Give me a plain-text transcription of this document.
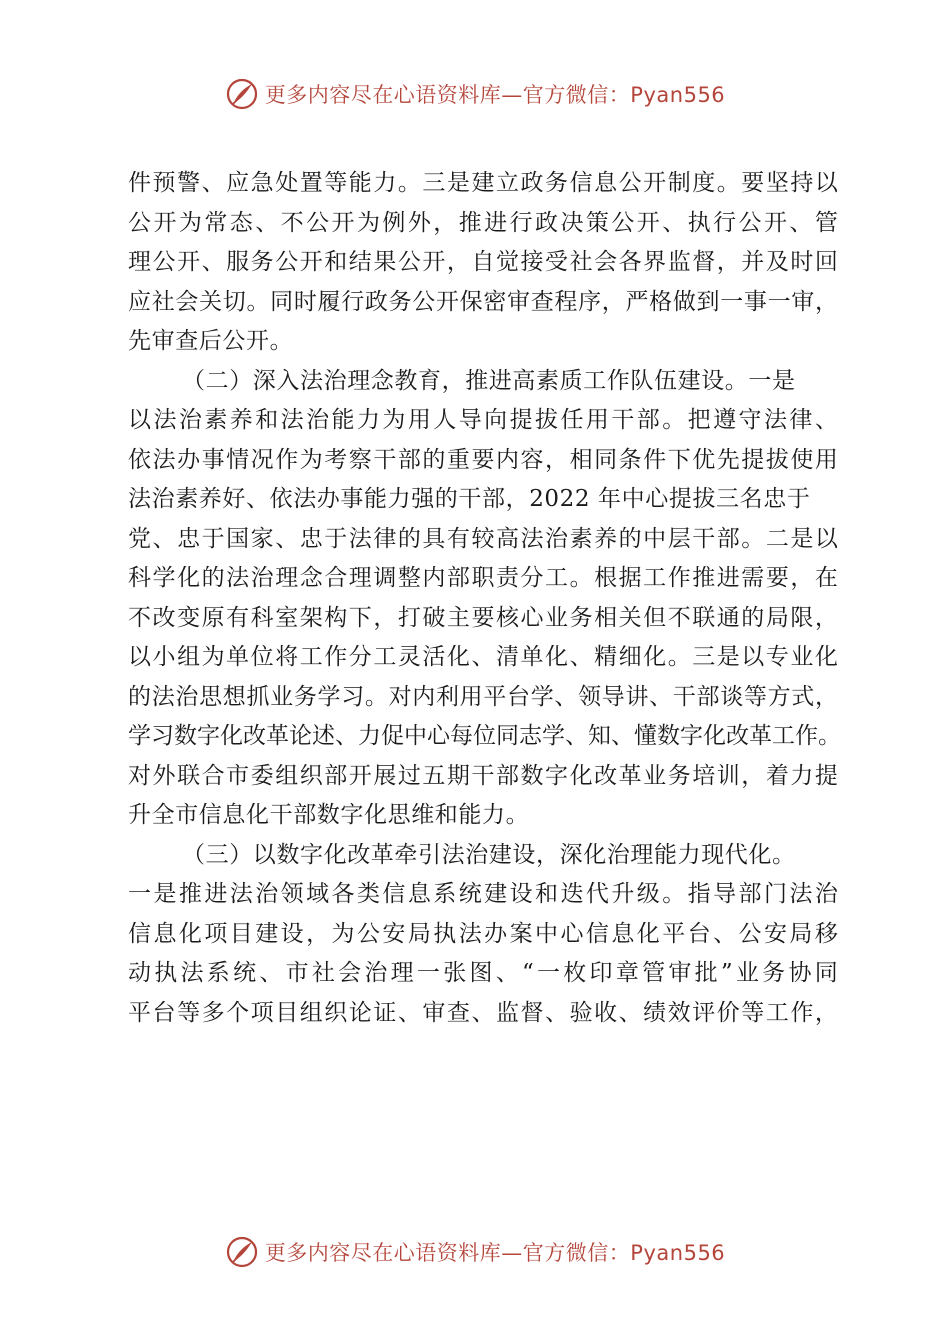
更多内容尽在心语资料库—官方微信：Pyan556
件 预 警 、 应 急 处 置 等 能 力 。 三 是 建 立 政 务 信 息 公 开 制 度 。 要 坚 持 以
公 开 为 常 态 、 不 公 开 为 例 外 ， 推 进 行 政 决 策 公 开 、 执 行 公 开 、 管
理 公 开 、 服 务 公 开 和 结 果 公 开 ， 自 觉 接 受 社 会 各 界 监 督 ， 并 及 时 回
应 社 会 关 切 。 同 时 履 行 政 务 公 开 保 密 审 查 程 序 ， 严 格 做 到 一 事 一 审 ，
先审查后公开。
（二）深入法治理念教育，推进高素质工作队伍建设。一是
以 法 治 素 养 和 法 治 能 力 为 用 人 导 向 提 拔 任 用 干 部 。 把 遵 守 法 律 、
依 法 办 事 情 况 作 为 考 察 干 部 的 重 要 内 容 ， 相 同 条 件 下 优 先 提 拔 使 用
法治素养好、依法办事能力强的干部，2022 年中心提拔三名忠于
党 、 忠 于 国 家 、 忠 于 法 律 的 具 有 较 高 法 治 素 养 的 中 层 干 部 。 二 是 以
科 学 化 的 法 治 理 念 合 理 调 整 内 部 职 责 分 工 。 根 据 工 作 推 进 需 要 ， 在
不 改 变 原 有 科 室 架 构 下 ， 打 破 主 要 核 心 业 务 相 关 但 不 联 通 的 局 限 ，
以 小 组 为 单 位 将 工 作 分 工 灵 活 化 、 清 单 化 、 精 细 化 。 三 是 以 专 业 化
的 法 治 思 想 抓 业 务 学 习 。 对 内 利 用 平 台 学 、 领 导 讲 、 干 部 谈 等 方 式 ，
学 习 数 字 化 改 革 论 述 、 力 促 中 心 每 位 同 志 学 、 知 、 懂 数 字 化 改 革 工 作 。
对 外 联 合 市 委 组 织 部 开 展 过 五 期 干 部 数 字 化 改 革 业 务 培 训 ， 着 力 提
升全市信息化干部数字化思维和能力。
（三）以数字化改革牵引法治建设，深化治理能力现代化。
一 是 推 进 法 治 领 域 各 类 信 息 系 统 建 设 和 迭 代 升 级 。 指 导 部 门 法 治
信 息 化 项 目 建 设 ， 为 公 安 局 执 法 办 案 中 心 信 息 化 平 台 、 公 安 局 移
动 执 法 系 统 、 市 社 会 治 理 一 张 图 、 “ 一 枚 印 章 管 审 批 ” 业 务 协 同
平 台 等 多 个 项 目 组 织 论 证 、 审 查 、 监 督 、 验 收 、 绩 效 评 价 等 工 作 ，
更多内容尽在心语资料库—官方微信：Pyan556
